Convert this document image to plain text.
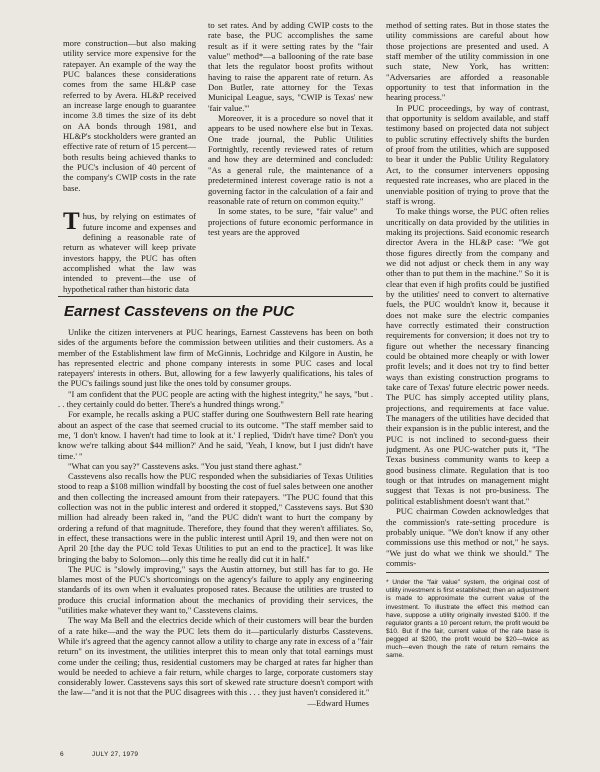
more construction—but also making utility service more expensive for the ratepayer. An example of the way the PUC balances these considerations comes from the same HL&P case referred to by Avera. HL&P received an increase large enough to guarantee income 3.8 times the size of its debt on AA bonds through 1981, and HL&P's stockholders were granted an effective rate of return of 15 percent—both results being achieved thanks to the PUC's inclusion of 40 percent of the company's CWIP costs in the rate base.

Thus, by relying on estimates of future income and expenses and defining a reasonable rate of return as whatever will keep private investors happy, the PUC has often accomplished what the law was intended to prevent—the use of hypothetical rather than historic data

to set rates. And by adding CWIP costs to the rate base, the PUC accomplishes the same result as if it were setting rates by the "fair value" method*—a ballooning of the rate base that lets the regulator boost profits without having to raise the apparent rate of return. As Don Butler, rate attorney for the Texas Municipal League, says, "CWIP is Texas' new 'fair value.'"

Moreover, it is a procedure so novel that it appears to be used nowhere else but in Texas. One trade journal, the Public Utilities Fortnightly, recently reviewed rates of return and how they are determined and concluded: "As a general rule, the maintenance of a predetermined interest coverage ratio is not a governing factor in the calculation of a fair and reasonable rate of return on common equity."

In some states, to be sure, "fair value" and projections of future economic performance in test years are the approved

Earnest Casstevens on the PUC

Unlike the citizen interveners at PUC hearings, Earnest Casstevens has been on both sides of the arguments before the commission between utilities and their customers. As a member of the Establishment law firm of McGinnis, Lochridge and Kilgore in Austin, he has represented electric and phone company interests in some PUC cases and local ratepayers' interests in others. But, allowing for a few lawyerly qualifications, his tales of the PUC's failings sound just like the ones told by consumer groups.

"I am confident that the PUC people are acting with the highest integrity," he says, "but . . . they certainly could do better. There's a hundred things wrong."

For example, he recalls asking a PUC staffer during one Southwestern Bell rate hearing about an aspect of the case that seemed crucial to its outcome. "The staff member said to me, 'I don't know. I haven't had time to look at it.' I replied, 'Didn't have time? Don't you know we're talking about $44 million?' And he said, 'Yeah, I know, but I just didn't have time.' "

"What can you say?" Casstevens asks. "You just stand there aghast."

Casstevens also recalls how the PUC responded when the subsidiaries of Texas Utilities stood to reap a $108 million windfall by boosting the cost of fuel sales between one another and then collecting the increased amount from their ratepayers. "The PUC found that this collection was not in the public interest and ordered it stopped," Casstevens says. But $30 million had already been raked in, "and the PUC didn't want to hurt the company by ordering a refund of that magnitude. Therefore, they found that they weren't affiliates. So, in effect, these transactions were in the public interest until April 19, and then were not on April 20 [the day the PUC told Texas Utilities to put an end to the practice]. It was like bringing the baby to Solomon—only this time he really did cut it in half."

The PUC is "slowly improving," says the Austin attorney, but still has far to go. He blames most of the PUC's shortcomings on the agency's failure to apply any engineering standards of its own when it evaluates proposed rates. Because the utilities are trusted to produce this crucial information about the mechanics of providing their services, the "utilities make whatever they want to," Casstevens claims.

The way Ma Bell and the electrics decide which of their customers will bear the burden of a rate hike—and the way the PUC lets them do it—particularly disturbs Casstevens. While it's agreed that the agency cannot allow a utility to charge any rate in excess of a "fair return" on its investment, the utilities interpret this to mean only that total earnings must come under the ceiling; thus, residential customers may be charged at rates far higher than would be needed to achieve a fair return, while charges to large, corporate customers stay considerably lower. Casstevens says this sort of skewed rate structure doesn't comport with the law—"and it is not that the PUC disagrees with this . . . they just haven't considered it."

—Edward Humes

method of setting rates. But in those states the utility commissions are careful about how those projections are presented and used. A staff member of the utility commission in one such state, New York, has written: "Adversaries are afforded a reasonable opportunity to test that information in the hearing process."

In PUC proceedings, by way of contrast, that opportunity is seldom available, and staff testimony based on projected data not subject to public scrutiny effectively shifts the burden of proof from the utilities, which are supposed to bear it under the Public Utility Regulatory Act, to the consumer interveners opposing requested rate increases, who are placed in the unenviable position of trying to prove that the staff is wrong.

To make things worse, the PUC often relies uncritically on data provided by the utilities in making its projections. Said economic research director Avera in the HL&P case: "We got those figures directly from the company and we did not adjust or check them in any way other than to put them in the machine." So it is clear that even if high profits could be justified by the utilities' need to convert to alternative fuels, the PUC wouldn't know it, because it does not make sure the electric companies have correctly estimated their construction requirements for conversion; it does not try to figure out whether the necessary financing could be obtained more cheaply or with lower profit levels; and it does not try to find better ways than existing construction programs to take care of Texas' future electric power needs. The PUC has simply accepted utility plans, projections, and requirements at face value. The managers of the utilities have decided that their expansion is in the public interest, and the PUC is not inclined to second-guess their judgment. As one PUC-watcher puts it, "The Texas business community wants to keep a good business climate. Regulation that is too tough or that intrudes on management might suggest that Texas is not pro-business. The political establishment doesn't want that."

PUC chairman Cowden acknowledges that the commission's rate-setting procedure is probably unique. "We don't know if any other commissions use this method or not," he says. "We just do what we think we should." The commis-

* Under the "fair value" system, the original cost of utility investment is first established; then an adjustment is made to approximate the current value of the investment. To illustrate the effect this method can have, suppose a utility originally invested $100. If the regulator grants a 10 percent return, the profit would be $10. But if the fair, current value of the rate base is pegged at $200, the profit would be $20—twice as much—even though the rate of return remains the same.
6	JULY 27, 1979
